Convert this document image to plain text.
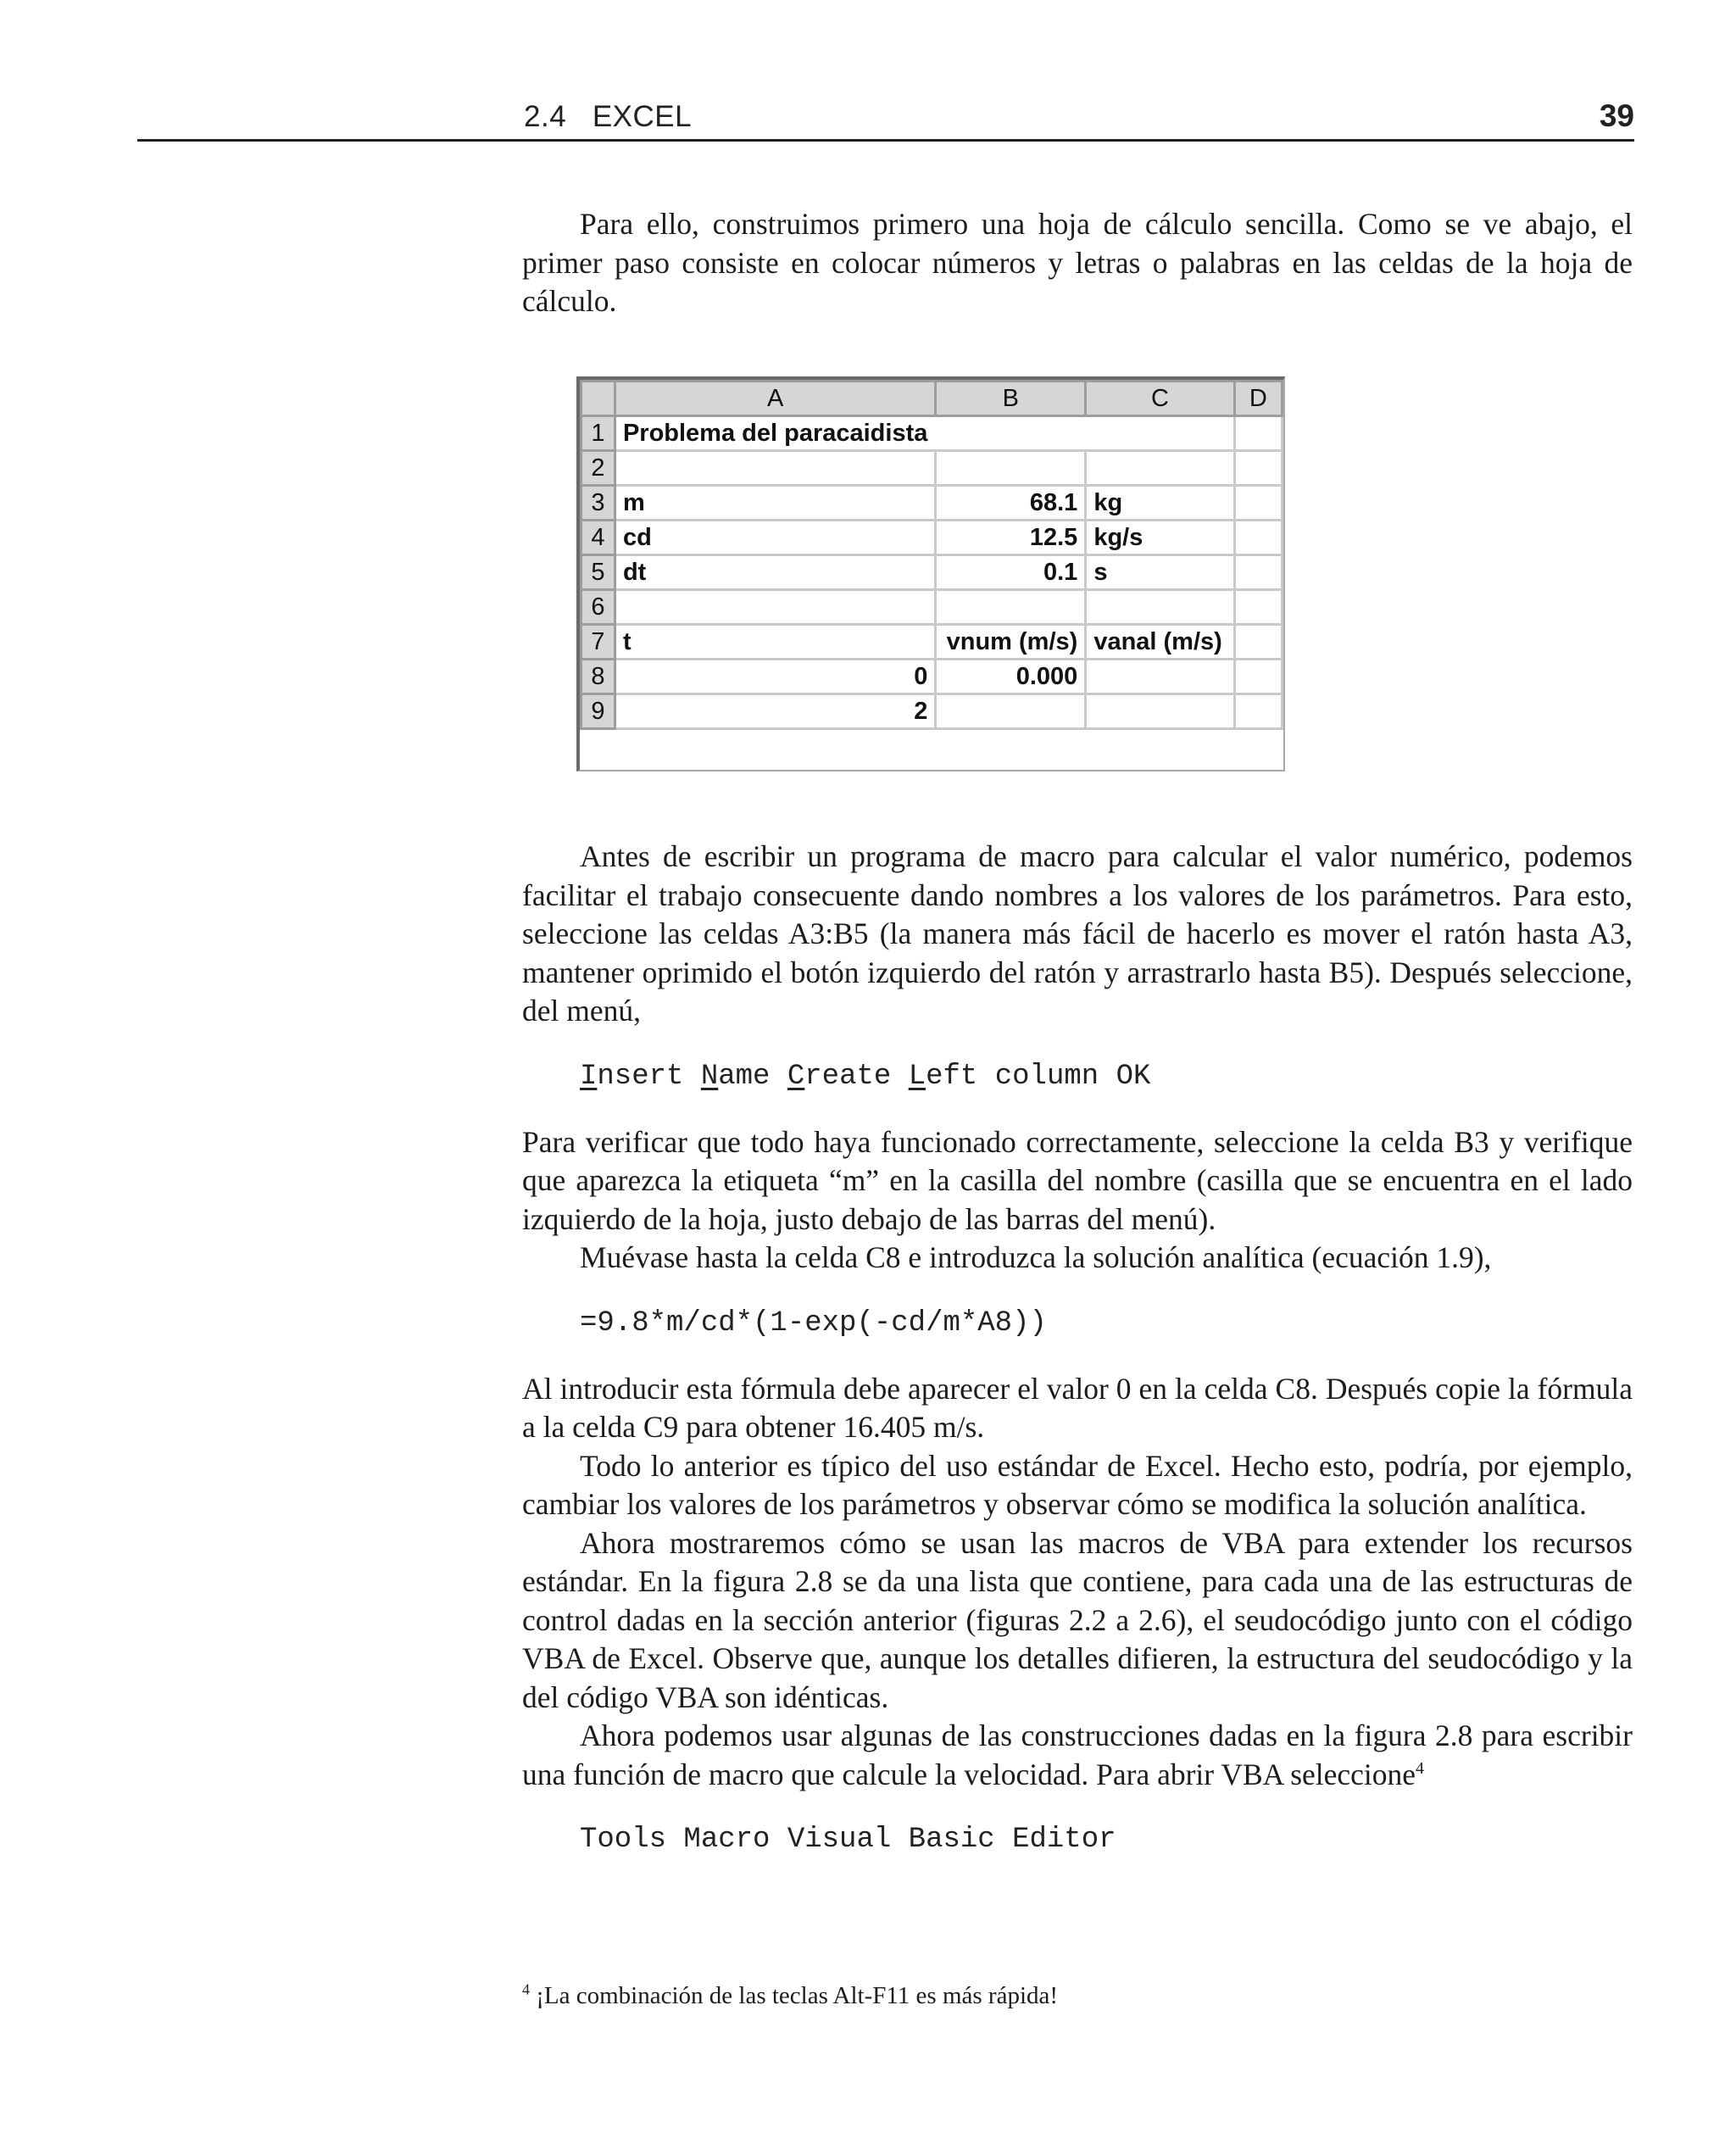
2.4   EXCEL	39

Para ello, construimos primero una hoja de cálculo sencilla. Como se ve abajo, el primer paso consiste en colocar números y letras o palabras en las celdas de la hoja de cálculo.

	A	B	C	D
1	Problema del paracaidista			
2				
3	m	68.1	kg	
4	cd	12.5	kg/s	
5	dt	0.1	s	
6				
7	t	vnum (m/s)	vanal (m/s)	
8	0	0.000		
9	2			

Antes de escribir un programa de macro para calcular el valor numérico, podemos facilitar el trabajo consecuente dando nombres a los valores de los parámetros. Para esto, seleccione las celdas A3:B5 (la manera más fácil de hacerlo es mover el ratón hasta A3, mantener oprimido el botón izquierdo del ratón y arrastrarlo hasta B5). Después seleccione, del menú,

Insert Name Create Left column OK

Para verificar que todo haya funcionado correctamente, seleccione la celda B3 y verifique que aparezca la etiqueta “m” en la casilla del nombre (casilla que se encuentra en el lado izquierdo de la hoja, justo debajo de las barras del menú).

Muévase hasta la celda C8 e introduzca la solución analítica (ecuación 1.9),

=9.8*m/cd*(1-exp(-cd/m*A8))

Al introducir esta fórmula debe aparecer el valor 0 en la celda C8. Después copie la fórmula a la celda C9 para obtener 16.405 m/s.

Todo lo anterior es típico del uso estándar de Excel. Hecho esto, podría, por ejemplo, cambiar los valores de los parámetros y observar cómo se modifica la solución analítica.

Ahora mostraremos cómo se usan las macros de VBA para extender los recursos estándar. En la figura 2.8 se da una lista que contiene, para cada una de las estructuras de control dadas en la sección anterior (figuras 2.2 a 2.6), el seudocódigo junto con el código VBA de Excel. Observe que, aunque los detalles difieren, la estructura del seudocódigo y la del código VBA son idénticas.

Ahora podemos usar algunas de las construcciones dadas en la figura 2.8 para escribir una función de macro que calcule la velocidad. Para abrir VBA seleccione$^4$

Tools Macro Visual Basic Editor
$^4$ ¡La combinación de las teclas Alt-F11 es más rápida!
